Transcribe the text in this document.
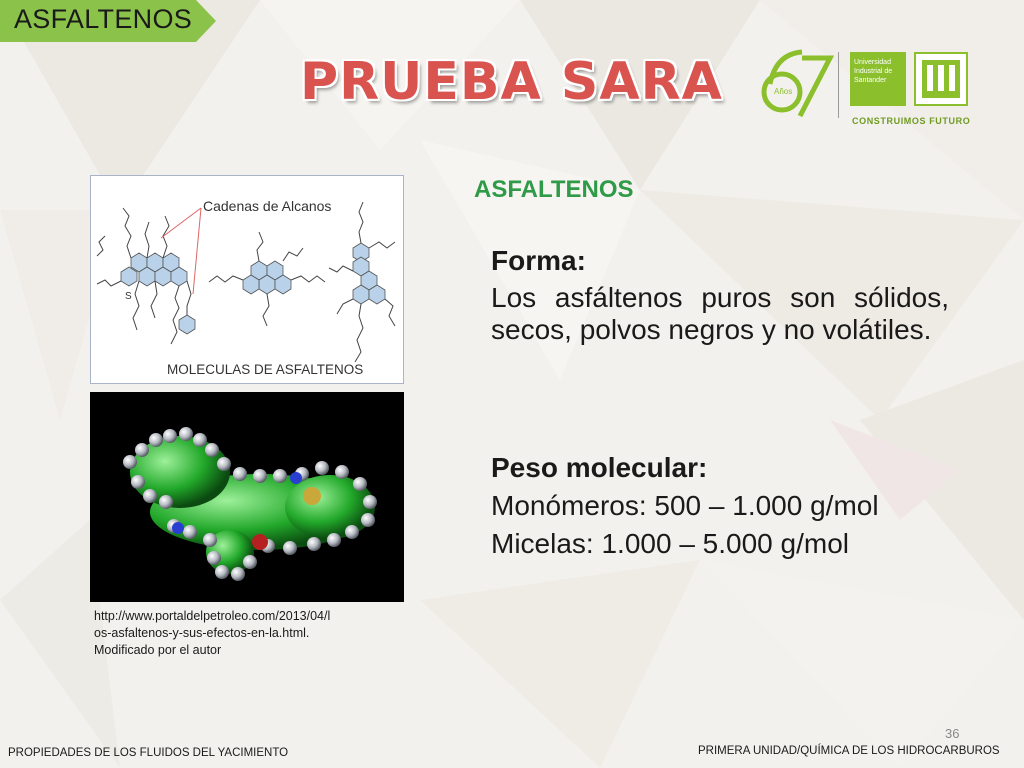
ASFALTENOS
PRUEBA SARA	Años
Universidad
Industrial de
Santander
CONSTRUIMOS FUTURO
S
Cadenas de Alcanos
MOLECULAS DE ASFALTENOS
http://www.portaldelpetroleo.com/2013/04/l
os-asfaltenos-y-sus-efectos-en-la.html.
Modificado por el autor
ASFALTENOS
Forma:
Los asfáltenos puros son sólidos, secos, polvos negros y no volátiles.
Peso molecular:
Monómeros: 500 – 1.000 g/mol
Micelas: 1.000 – 5.000 g/mol
36
PROPIEDADES DE LOS FLUIDOS DEL YACIMIENTO	PRIMERA UNIDAD/QUÍMICA DE LOS HIDROCARBUROS
